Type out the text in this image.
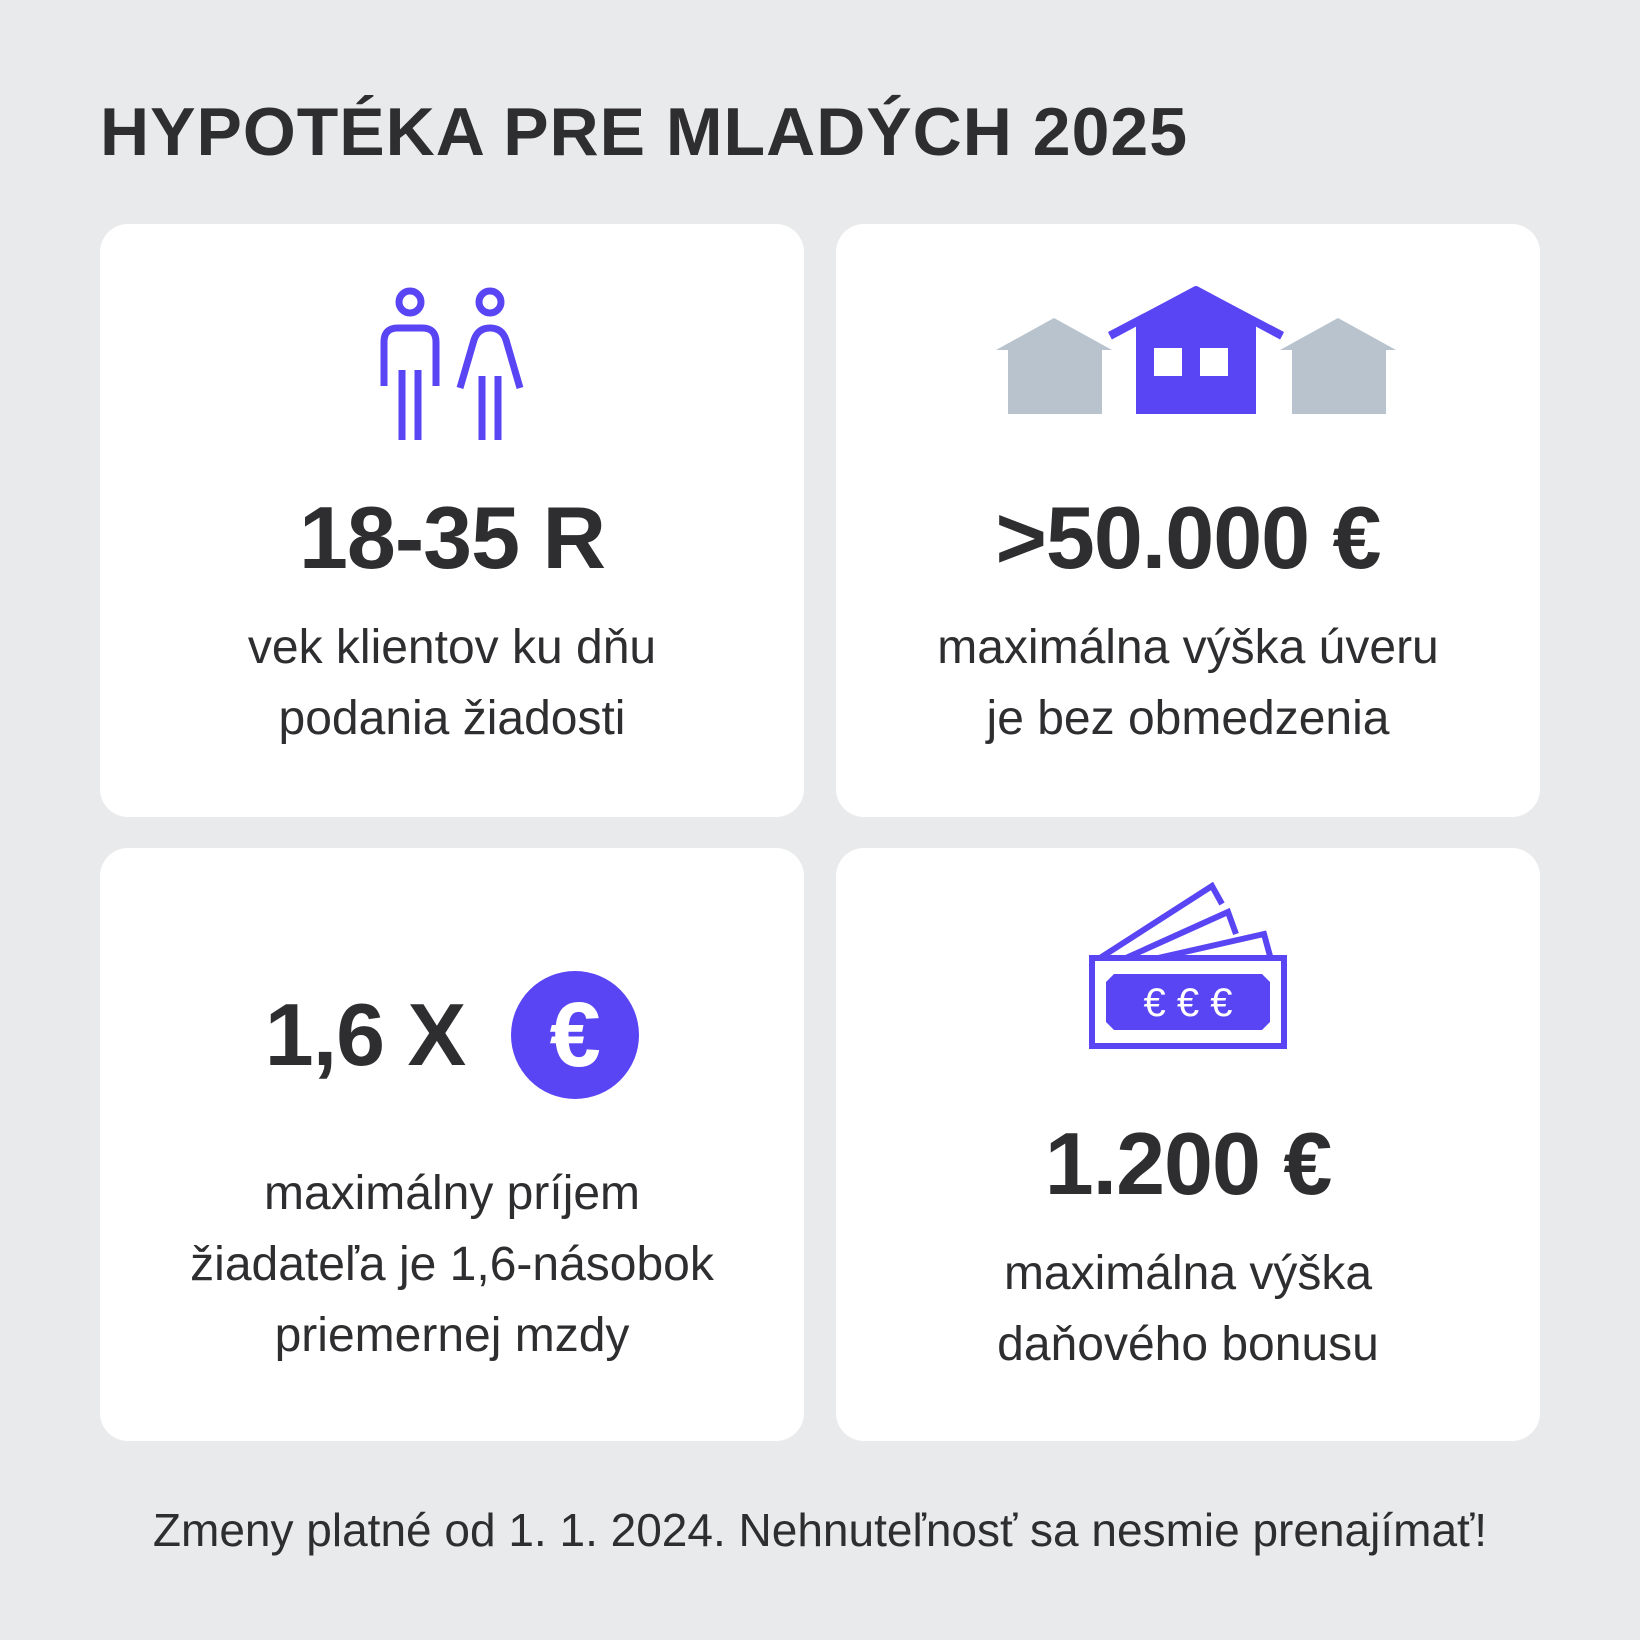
HYPOTÉKA PRE MLADÝCH 2025
18-35 R
vek klientov ku dňu
podania žiadosti
>50.000 €
maximálna výška úveru
je bez obmedzenia
1,6 X €
maximálny príjem
žiadateľa je 1,6-násobok
priemernej mzdy
€ € €
1.200 €
maximálna výška
daňového bonusu
Zmeny platné od 1. 1. 2024. Nehnuteľnosť sa nesmie prenajímať!
